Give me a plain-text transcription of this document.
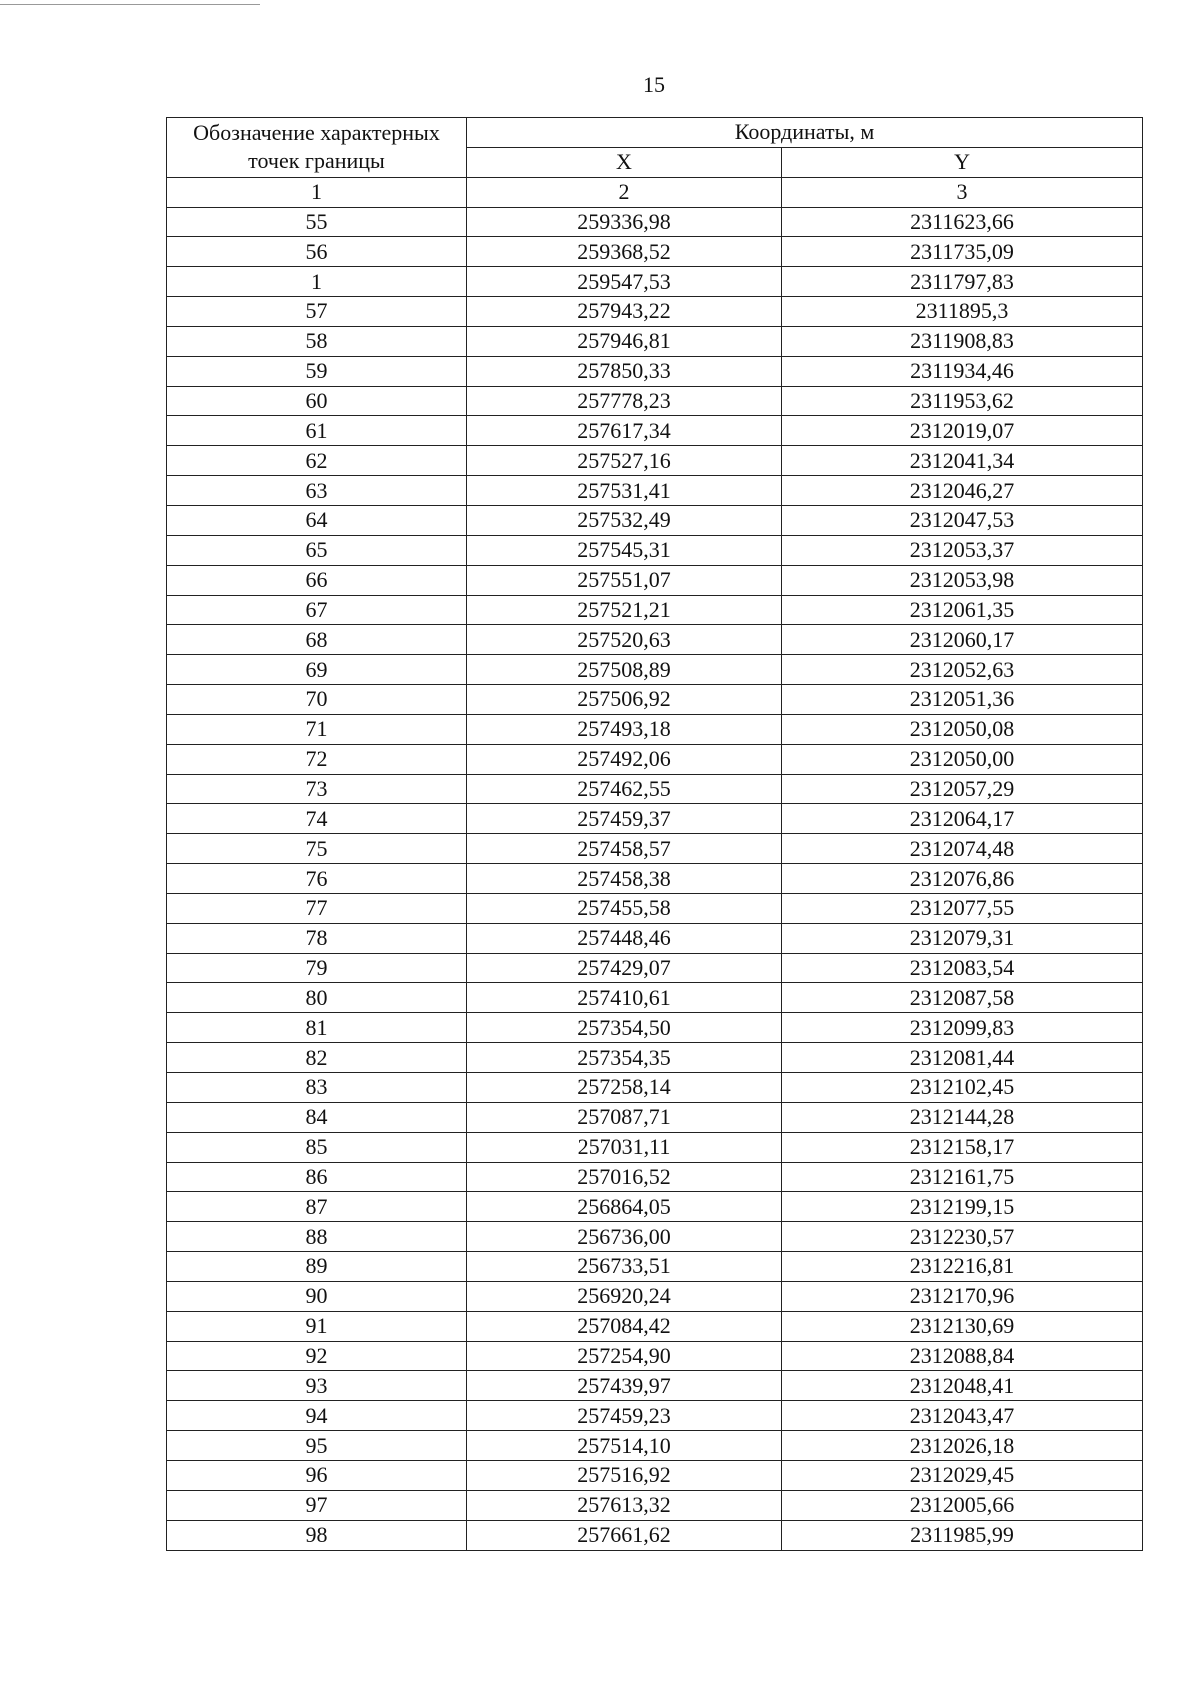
15
Обозначение характерных точек границы	Координаты, м	
	X	Y
1	2	3
55	259336,98	2311623,66
56	259368,52	2311735,09
1	259547,53	2311797,83
57	257943,22	2311895,3
58	257946,81	2311908,83
59	257850,33	2311934,46
60	257778,23	2311953,62
61	257617,34	2312019,07
62	257527,16	2312041,34
63	257531,41	2312046,27
64	257532,49	2312047,53
65	257545,31	2312053,37
66	257551,07	2312053,98
67	257521,21	2312061,35
68	257520,63	2312060,17
69	257508,89	2312052,63
70	257506,92	2312051,36
71	257493,18	2312050,08
72	257492,06	2312050,00
73	257462,55	2312057,29
74	257459,37	2312064,17
75	257458,57	2312074,48
76	257458,38	2312076,86
77	257455,58	2312077,55
78	257448,46	2312079,31
79	257429,07	2312083,54
80	257410,61	2312087,58
81	257354,50	2312099,83
82	257354,35	2312081,44
83	257258,14	2312102,45
84	257087,71	2312144,28
85	257031,11	2312158,17
86	257016,52	2312161,75
87	256864,05	2312199,15
88	256736,00	2312230,57
89	256733,51	2312216,81
90	256920,24	2312170,96
91	257084,42	2312130,69
92	257254,90	2312088,84
93	257439,97	2312048,41
94	257459,23	2312043,47
95	257514,10	2312026,18
96	257516,92	2312029,45
97	257613,32	2312005,66
98	257661,62	2311985,99
